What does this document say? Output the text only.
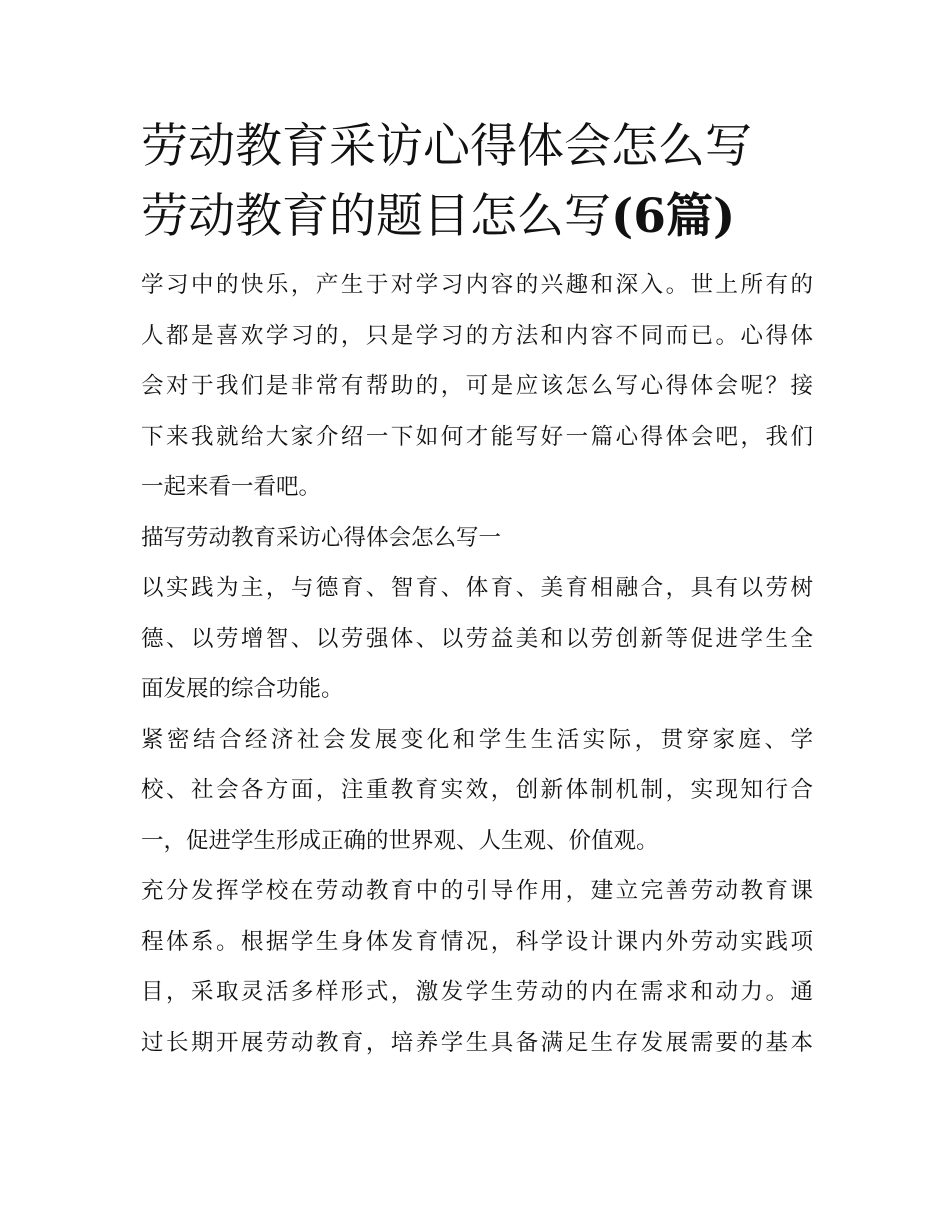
劳动教育采访心得体会怎么写
劳动教育的题目怎么写(6篇)
学习中的快乐，产生于对学习内容的兴趣和深入。世上所有的
人都是喜欢学习的，只是学习的方法和内容不同而已。心得体
会对于我们是非常有帮助的，可是应该怎么写心得体会呢？接
下来我就给大家介绍一下如何才能写好一篇心得体会吧，我们
一起来看一看吧。
描写劳动教育采访心得体会怎么写一
以实践为主，与德育、智育、体育、美育相融合，具有以劳树
德、以劳增智、以劳强体、以劳益美和以劳创新等促进学生全
面发展的综合功能。
紧密结合经济社会发展变化和学生生活实际，贯穿家庭、学
校、社会各方面，注重教育实效，创新体制机制，实现知行合
一，促进学生形成正确的世界观、人生观、价值观。
充分发挥学校在劳动教育中的引导作用，建立完善劳动教育课
程体系。根据学生身体发育情况，科学设计课内外劳动实践项
目，采取灵活多样形式，激发学生劳动的内在需求和动力。通
过长期开展劳动教育，培养学生具备满足生存发展需要的基本
